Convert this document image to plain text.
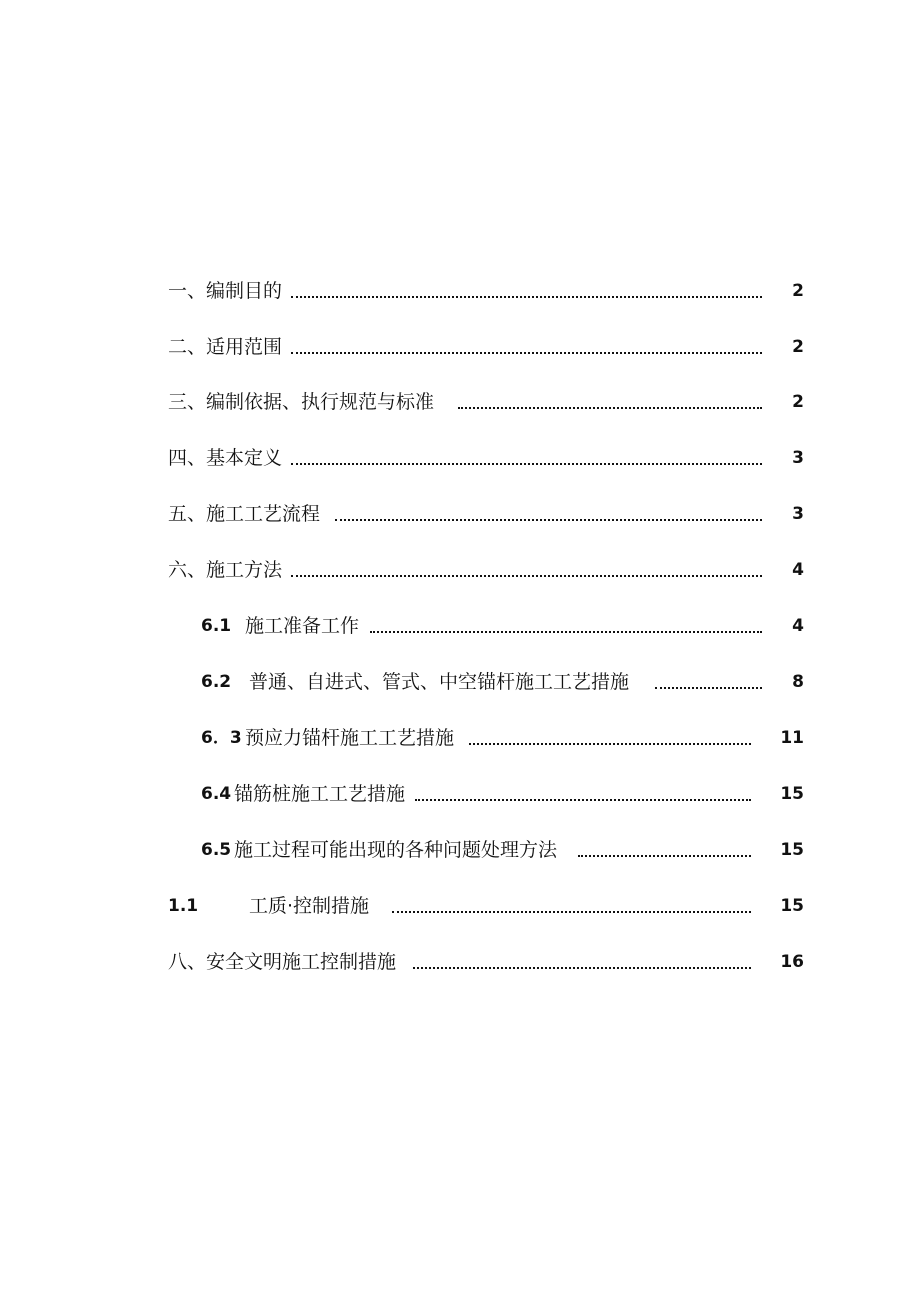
一、编制目的	2
二、适用范围	2
三、编制依据、执行规范与标准	2
四、基本定义	3
五、施工工艺流程	3
六、施工方法	4
6.1 施工准备工作	4
6.2 普通、自进式、管式、中空锚杆施工工艺措施	8
6．3 预应力锚杆施工工艺措施	11
6.4 锚筋桩施工工艺措施	15
6.5 施工过程可能出现的各种问题处理方法	15
1.1	工质·控制措施	15
八、安全文明施工控制措施	16
